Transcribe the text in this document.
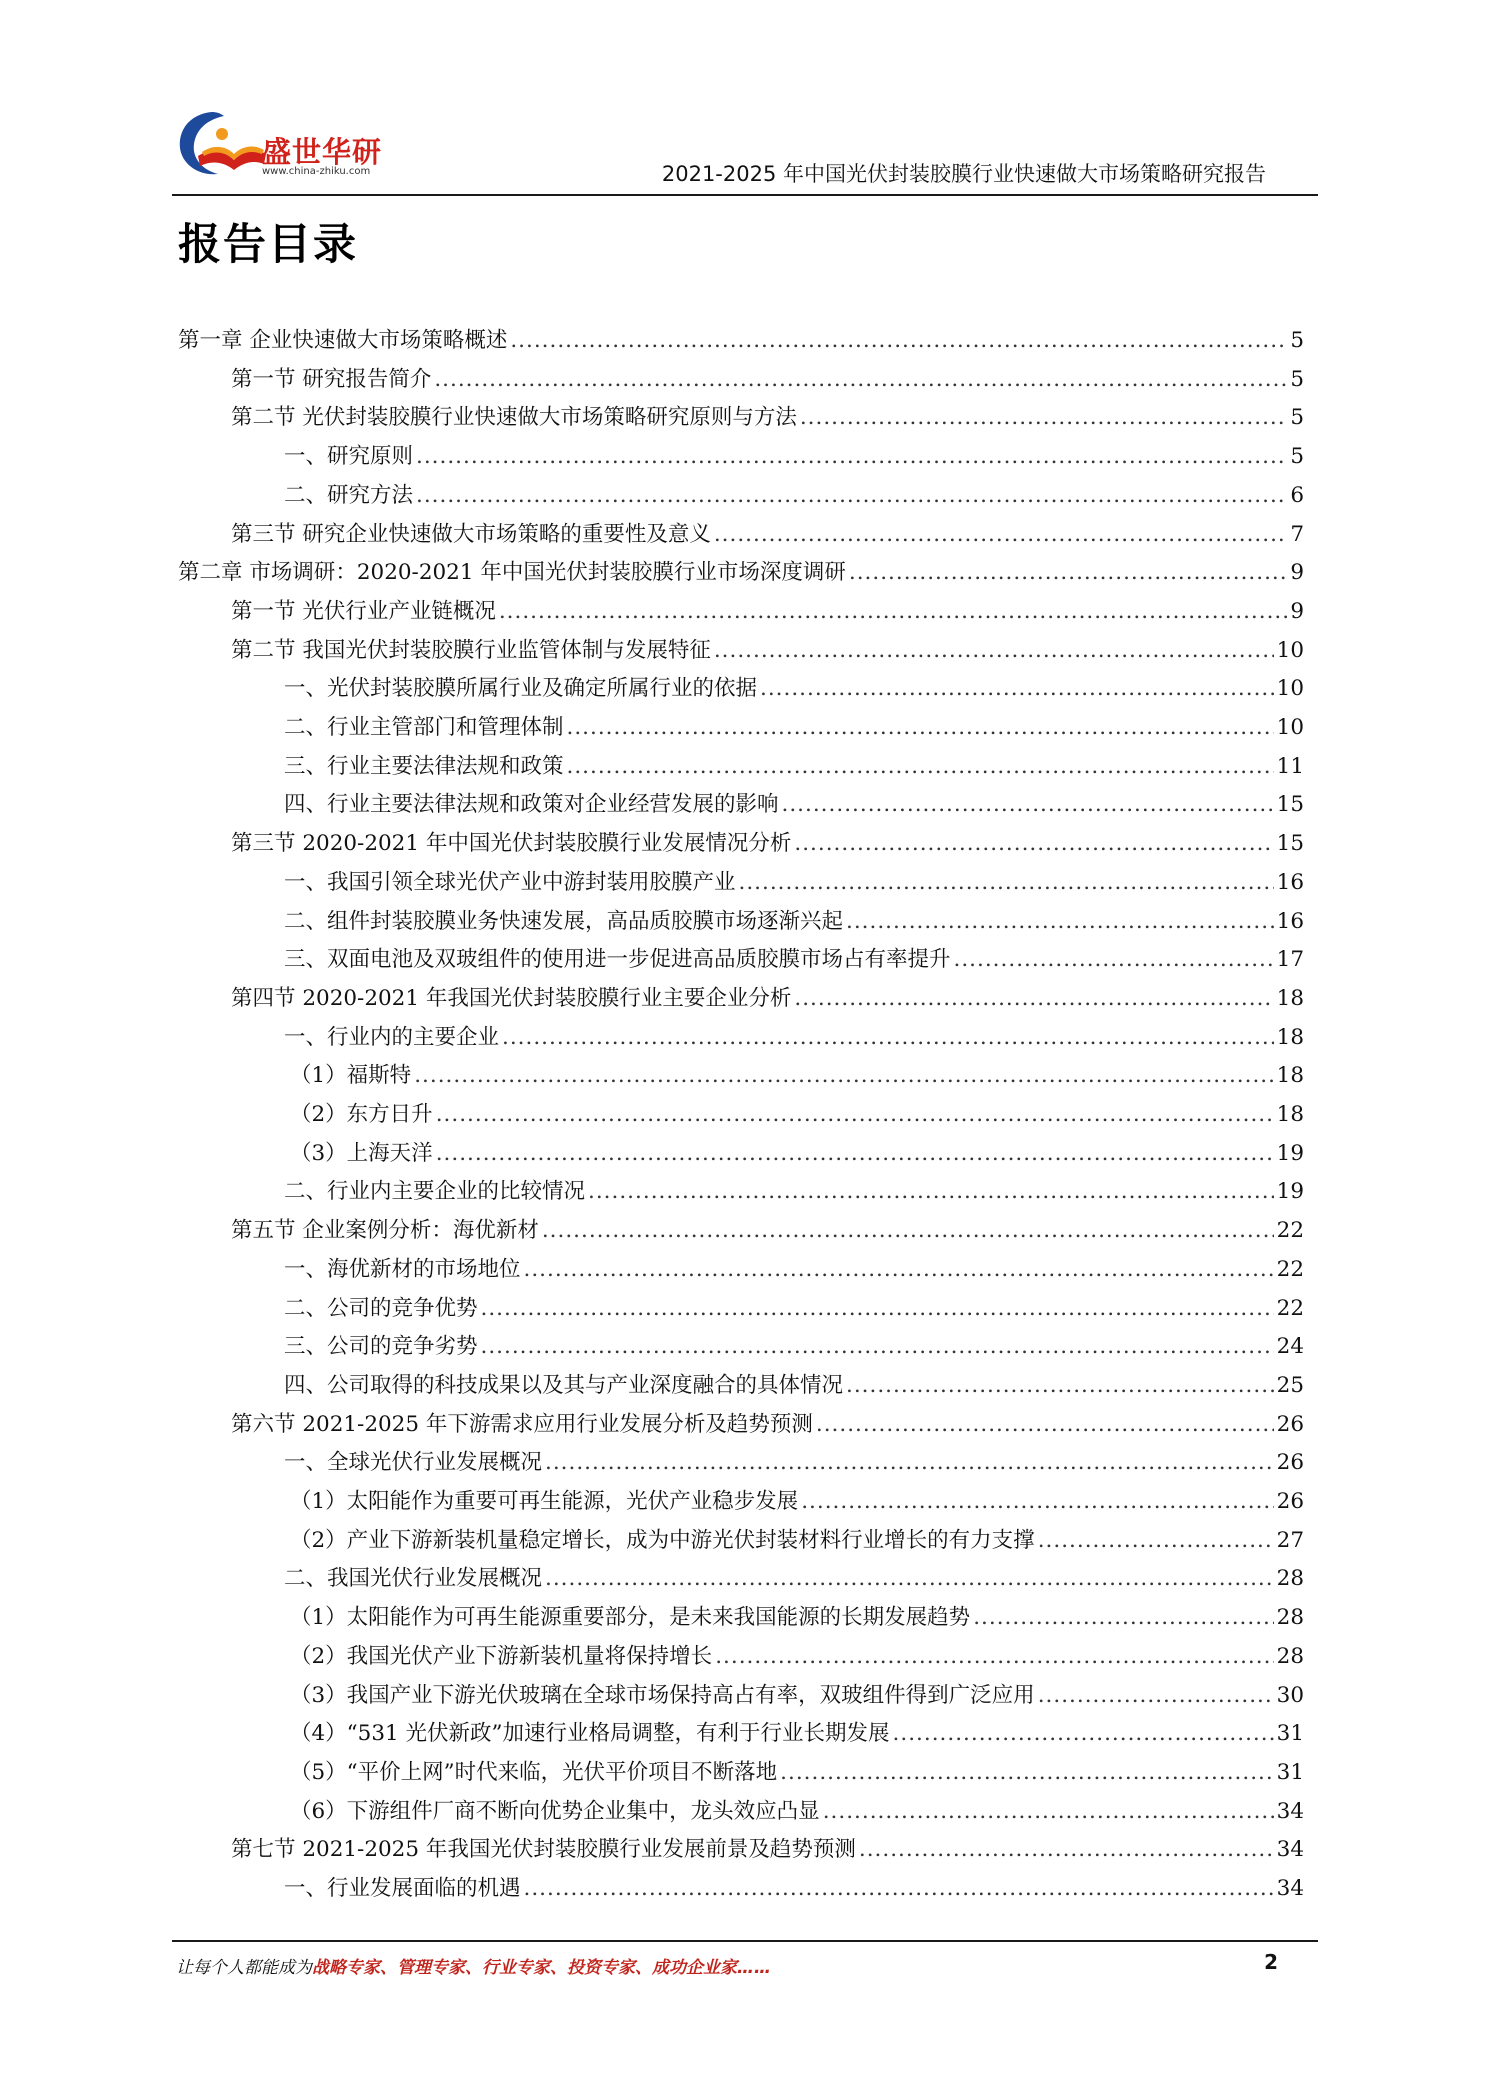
盛世华研
www.china-zhiku.com	2021-2025 年中国光伏封装胶膜行业快速做大市场策略研究报告
报告目录
第一章 企业快速做大市场策略概述 .....	5
第一节 研究报告简介 .....	5
第二节 光伏封装胶膜行业快速做大市场策略研究原则与方法 .....	5
一、研究原则 .....	5
二、研究方法 .....	6
第三节 研究企业快速做大市场策略的重要性及意义 .....	7
第二章 市场调研：2020-2021 年中国光伏封装胶膜行业市场深度调研 .....	9
第一节 光伏行业产业链概况 .....	9
第二节 我国光伏封装胶膜行业监管体制与发展特征 .....	10
一、光伏封装胶膜所属行业及确定所属行业的依据 .....	10
二、行业主管部门和管理体制 .....	10
三、行业主要法律法规和政策 .....	11
四、行业主要法律法规和政策对企业经营发展的影响 .....	15
第三节 2020-2021 年中国光伏封装胶膜行业发展情况分析 .....	15
一、我国引领全球光伏产业中游封装用胶膜产业 .....	16
二、组件封装胶膜业务快速发展，高品质胶膜市场逐渐兴起 .....	16
三、双面电池及双玻组件的使用进一步促进高品质胶膜市场占有率提升 .....	17
第四节 2020-2021 年我国光伏封装胶膜行业主要企业分析 .....	18
一、行业内的主要企业 .....	18
（1）福斯特 .....	18
（2）东方日升 .....	18
（3）上海天洋 .....	19
二、行业内主要企业的比较情况 .....	19
第五节 企业案例分析：海优新材 .....	22
一、海优新材的市场地位 .....	22
二、公司的竞争优势 .....	22
三、公司的竞争劣势 .....	24
四、公司取得的科技成果以及其与产业深度融合的具体情况 .....	25
第六节 2021-2025 年下游需求应用行业发展分析及趋势预测 .....	26
一、全球光伏行业发展概况 .....	26
（1）太阳能作为重要可再生能源，光伏产业稳步发展 .....	26
（2）产业下游新装机量稳定增长，成为中游光伏封装材料行业增长的有力支撑 .....	27
二、我国光伏行业发展概况 .....	28
（1）太阳能作为可再生能源重要部分，是未来我国能源的长期发展趋势 .....	28
（2）我国光伏产业下游新装机量将保持增长 .....	28
（3）我国产业下游光伏玻璃在全球市场保持高占有率，双玻组件得到广泛应用 .....	30
（4）“531 光伏新政”加速行业格局调整，有利于行业长期发展 .....	31
（5）“平价上网”时代来临，光伏平价项目不断落地 .....	31
（6）下游组件厂商不断向优势企业集中，龙头效应凸显 .....	34
第七节 2021-2025 年我国光伏封装胶膜行业发展前景及趋势预测 .....	34
一、行业发展面临的机遇 .....	34
让每个人都能成为战略专家、管理专家、行业专家、投资专家、成功企业家……	2
